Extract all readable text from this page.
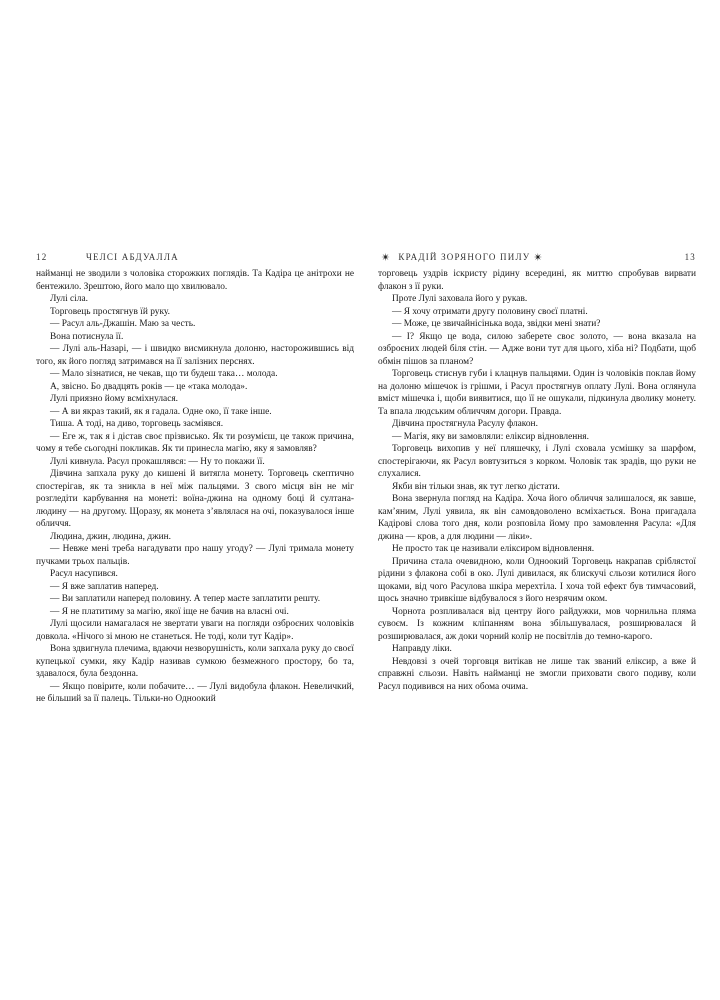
12	ЧЕЛСІ АБДУАЛЛА

найманці не зводили з чоловіка сторожких поглядів. Та Кадіра це анітрохи не бентежило. Зрештою, його мало що хвилювало.

Лулі сіла.

Торговець простягнув їй руку.

— Расул аль-Джашін. Маю за честь.

Вона потиснула її.

— Лулі аль-Назарі, — і швидко висмикнула долоню, насторожившись від того, як його погляд затримався на її залізних перснях.

— Мало зізнатися, не чекав, що ти будеш така… молода.

А, звісно. Бо двадцять років — це «така молода».

Лулі приязно йому всміхнулася.

— А ви якраз такий, як я гадала. Одне око, її таке інше.

Тиша. А тоді, на диво, торговець засміявся.

— Еге ж, так я і дістав своє прізвисько. Як ти розумієш, це також причина, чому я тебе сьогодні покликав. Як ти принесла магію, яку я замовляв?

Лулі кивнула. Расул прокашлявся: — Ну то покажи її.

Дівчина запхала руку до кишені й витягла монету. Торговець скептично спостерігав, як та зникла в неї між пальцями. З свого місця він не міг розгледіти карбування на монеті: воїна-джина на одному боці й султана-людину — на другому. Щоразу, як монета з’являлася на очі, показувалося інше обличчя.

Людина, джин, людина, джин.

— Невже мені треба нагадувати про нашу угоду? — Лулі тримала монету пучками трьох пальців.

Расул насупився.

— Я вже заплатив наперед.

— Ви заплатили наперед половину. А тепер маєте заплатити решту.

— Я не платитиму за магію, якої іще не бачив на власні очі.

Лулі щосили намагалася не звертати уваги на погляди озброєних чоловіків довкола. «Нічого зі мною не станеться. Не тоді, коли тут Кадір».

Вона здвигнула плечима, вдаючи незворушність, коли запхала руку до своєї купецької сумки, яку Кадір називав сумкою безмежного простору, бо та, здавалося, була бездонна.

— Якщо повірите, коли побачите… — Лулі видобула флакон. Невеличкий, не більший за її палець. Тільки-но Одноокий

✴ КРАДІЙ ЗОРЯНОГО ПИЛУ ✴	13

торговець уздрів іскристу рідину всередині, як миттю спробував вирвати флакон з її руки.

Проте Лулі заховала його у рукав.

— Я хочу отримати другу половину своєї платні.

— Може, це звичайнісінька вода, звідки мені знати?

— І? Якщо це вода, силою заберете своє золото, — вона вказала на озброєних людей біля стін. — Адже вони тут для цього, хіба ні? Подбати, щоб обмін пішов за планом?

Торговець стиснув губи і клацнув пальцями. Один із чоловіків поклав йому на долоню мішечок із грішми, і Расул простягнув оплату Лулі. Вона оглянула вміст мішечка і, щоби виявитися, що її не ошукали, підкинула дволику монету. Та впала людським обличчям догори. Правда.

Дівчина простягнула Расулу флакон.

— Магія, яку ви замовляли: еліксир відновлення.

Торговець вихопив у неї пляшечку, і Лулі сховала усмішку за шарфом, спостерігаючи, як Расул вовтузиться з корком. Чоловік так зрадів, що руки не слухалися.

Якби він тільки знав, як тут легко дістати.

Вона звернула погляд на Кадіра. Хоча його обличчя залишалося, як завше, кам’яним, Лулі уявила, як він самовдоволено всміхається. Вона пригадала Кадірові слова того дня, коли розповіла йому про замовлення Расула: «Для джина — кров, а для людини — ліки».

Не просто так це називали еліксиром відновлення.

Причина стала очевидною, коли Одноокий Торговець накрапав сріблястої рідини з флакона собі в око. Лулі дивилася, як блискучі сльози котилися його щоками, від чого Расулова шкіра мерехтіла. І хоча той ефект був тимчасовий, щось значно тривкіше відбувалося з його незрячим оком.

Чорнота розпливалася від центру його райдужки, мов чорнильна пляма сувоєм. Із кожним кліпанням вона збільшувалася, розширювалася й розширювалася, аж доки чорний колір не посвітлів до темно-карого.

Направду ліки.

Невдовзі з очей торговця витікав не лише так званий еліксир, а вже й справжні сльози. Навіть найманці не змогли приховати свого подиву, коли Расул подивився на них обома очима.
